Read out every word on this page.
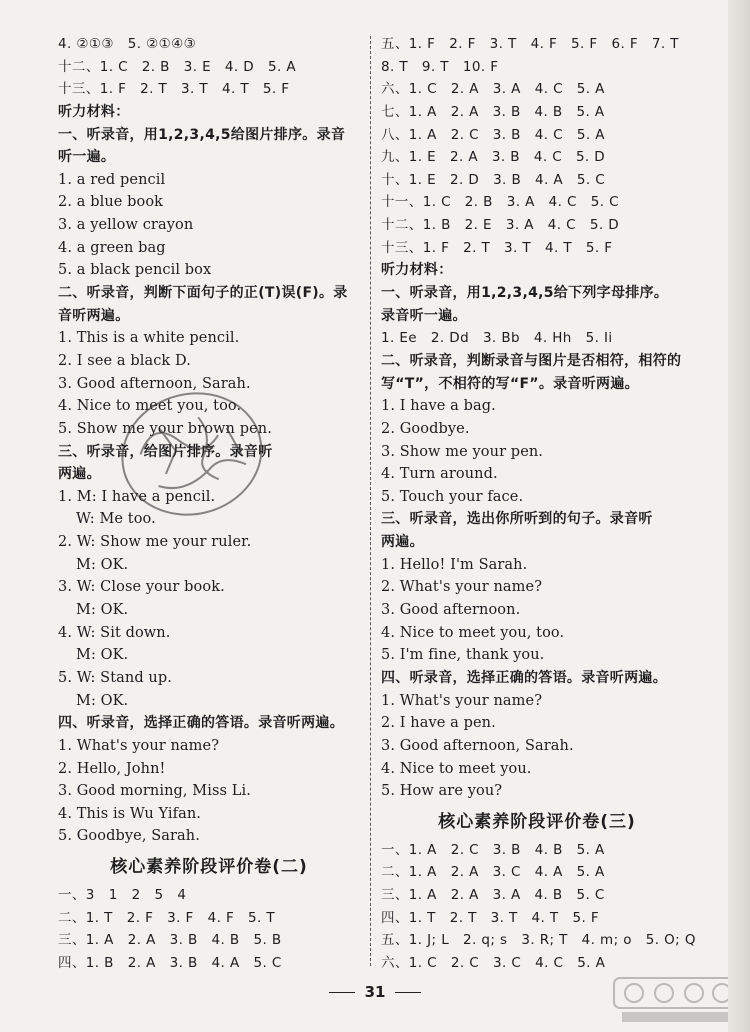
4. ②①③　5. ②①④③
十二、1. C　2. B　3. E　4. D　5. A
十三、1. F　2. T　3. T　4. T　5. F
听力材料：
一、听录音，用1,2,3,4,5给图片排序。录音
听一遍。
1. a red pencil
2. a blue book
3. a yellow crayon
4. a green bag
5. a black pencil box
二、听录音，判断下面句子的正(T)误(F)。录
音听两遍。
1. This is a white pencil.
2. I see a black D.
3. Good afternoon, Sarah.
4. Nice to meet you, too.
5. Show me your brown pen.
三、听录音，给图片排序。录音听
两遍。
1. M: I have a pencil.
W: Me too.
2. W: Show me your ruler.
M: OK.
3. W: Close your book.
M: OK.
4. W: Sit down.
M: OK.
5. W: Stand up.
M: OK.
四、听录音，选择正确的答语。录音听两遍。
1. What's your name?
2. Hello, John!
3. Good morning, Miss Li.
4. This is Wu Yifan.
5. Goodbye, Sarah.
核心素养阶段评价卷(二)
一、3　1　2　5　4
二、1. T　2. F　3. F　4. F　5. T
三、1. A　2. A　3. B　4. B　5. B
四、1. B　2. A　3. B　4. A　5. C
五、1. F　2. F　3. T　4. F　5. F　6. F　7. T
8. T　9. T　10. F
六、1. C　2. A　3. A　4. C　5. A
七、1. A　2. A　3. B　4. B　5. A
八、1. A　2. C　3. B　4. C　5. A
九、1. E　2. A　3. B　4. C　5. D
十、1. E　2. D　3. B　4. A　5. C
十一、1. C　2. B　3. A　4. C　5. C
十二、1. B　2. E　3. A　4. C　5. D
十三、1. F　2. T　3. T　4. T　5. F
听力材料：
一、听录音，用1,2,3,4,5给下列字母排序。
录音听一遍。
1. Ee　2. Dd　3. Bb　4. Hh　5. Ii
二、听录音，判断录音与图片是否相符，相符的
写“T”，不相符的写“F”。录音听两遍。
1. I have a bag.
2. Goodbye.
3. Show me your pen.
4. Turn around.
5. Touch your face.
三、听录音，选出你所听到的句子。录音听
两遍。
1. Hello! I'm Sarah.
2. What's your name?
3. Good afternoon.
4. Nice to meet you, too.
5. I'm fine, thank you.
四、听录音，选择正确的答语。录音听两遍。
1. What's your name?
2. I have a pen.
3. Good afternoon, Sarah.
4. Nice to meet you.
5. How are you?
核心素养阶段评价卷(三)
一、1. A　2. C　3. B　4. B　5. A
二、1. A　2. A　3. C　4. A　5. A
三、1. A　2. A　3. A　4. B　5. C
四、1. T　2. T　3. T　4. T　5. F
五、1. J; L　2. q; s　3. R; T　4. m; o　5. O; Q
六、1. C　2. C　3. C　4. C　5. A
31
